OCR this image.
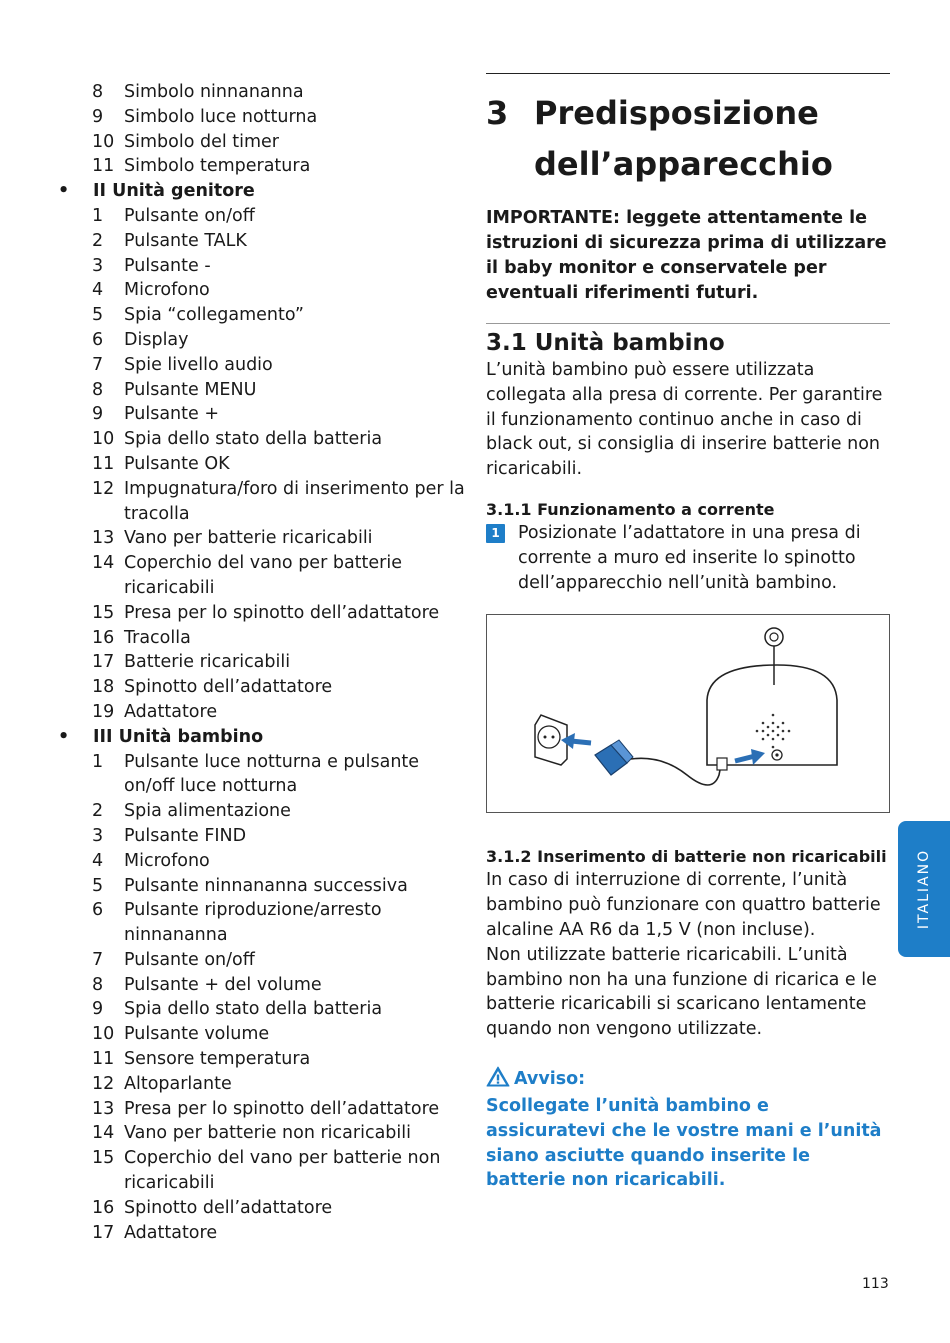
8 Simbolo ninnananna
9 Simbolo luce notturna
10 Simbolo del timer
11 Simbolo temperatura
• II Unità genitore
1 Pulsante on/off
2 Pulsante TALK
3 Pulsante -
4 Microfono
5 Spia “collegamento”
6 Display
7 Spie livello audio
8 Pulsante MENU
9 Pulsante +
10 Spia dello stato della batteria
11 Pulsante OK
12 Impugnatura/foro di inserimento per la tracolla
13 Vano per batterie ricaricabili
14 Coperchio del vano per batterie ricaricabili
15 Presa per lo spinotto dell’adattatore
16 Tracolla
17 Batterie ricaricabili
18 Spinotto dell’adattatore
19 Adattatore
• III Unità bambino
1 Pulsante luce notturna e pulsante on/off luce notturna
2 Spia alimentazione
3 Pulsante FIND
4 Microfono
5 Pulsante ninnananna successiva
6 Pulsante riproduzione/arresto ninnananna
7 Pulsante on/off
8 Pulsante + del volume
9 Spia dello stato della batteria
10 Pulsante volume
11 Sensore temperatura
12 Altoparlante
13 Presa per lo spinotto dell’adattatore
14 Vano per batterie non ricaricabili
15 Coperchio del vano per batterie non ricaricabili
16 Spinotto dell’adattatore
17 Adattatore
3 Predisposizione dell’apparecchio
IMPORTANTE: leggete attentamente le istruzioni di sicurezza prima di utilizzare il baby monitor e conservatele per eventuali riferimenti futuri.
3.1 Unità bambino
L’unità bambino può essere utilizzata collegata alla presa di corrente. Per garantire il funzionamento continuo anche in caso di black out, si consiglia di inserire batterie non ricaricabili.
3.1.1 Funzionamento a corrente
1	Posizionate l’adattatore in una presa di corrente a muro ed inserite lo spinotto dell’apparecchio nell’unità bambino.
3.1.2 Inserimento di batterie non ricaricabili
In caso di interruzione di corrente, l’unità bambino può funzionare con quattro batterie alcaline AA R6 da 1,5 V (non incluse).
Non utilizzate batterie ricaricabili. L’unità bambino non ha una funzione di ricarica e le batterie ricaricabili si scaricano lentamente quando non vengono utilizzate.
Avviso:
Scollegate l’unità bambino e assicuratevi che le vostre mani e l’unità siano asciutte quando inserite le batterie non ricaricabili.
ITALIANO
113
